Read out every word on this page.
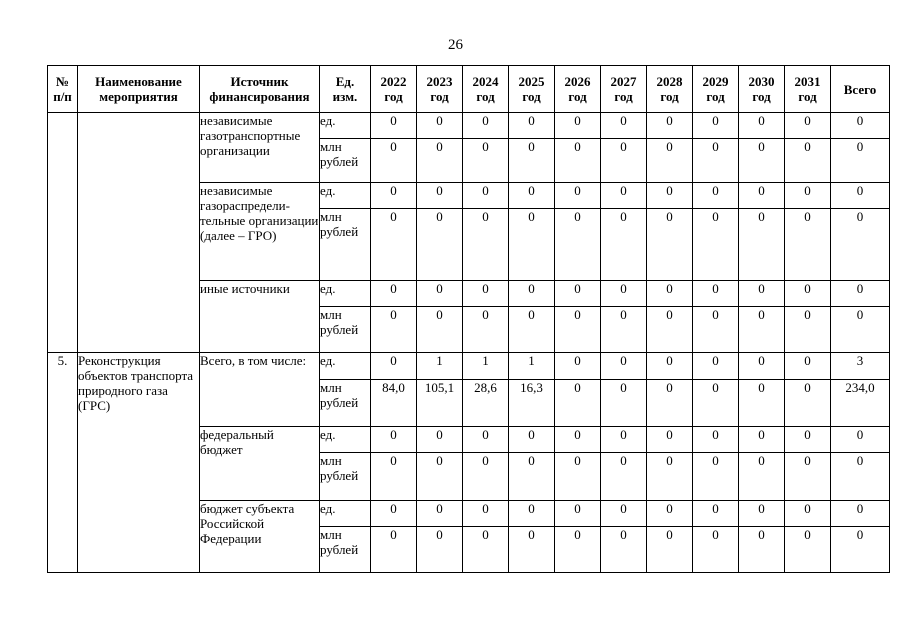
26
№ п/п	Наименование мероприятия	Источник финансирования	Ед. изм.	2022 год	2023 год	2024 год	2025 год	2026 год	2027 год	2028 год	2029 год	2030 год	2031 год	Всего
		независимые газотранспортные организации	ед.	0	0	0	0	0	0	0	0	0	0	0
			млн рублей	0	0	0	0	0	0	0	0	0	0	0
		независимые газораспредели-тельные организации (далее – ГРО)	ед.	0	0	0	0	0	0	0	0	0	0	0
			млн рублей	0	0	0	0	0	0	0	0	0	0	0
		иные источники	ед.	0	0	0	0	0	0	0	0	0	0	0
			млн рублей	0	0	0	0	0	0	0	0	0	0	0
5.	Реконструкция объектов транспорта природного газа (ГРС)	Всего, в том числе:	ед.	0	1	1	1	0	0	0	0	0	0	3
			млн рублей	84,0	105,1	28,6	16,3	0	0	0	0	0	0	234,0
		федеральный бюджет	ед.	0	0	0	0	0	0	0	0	0	0	0
			млн рублей	0	0	0	0	0	0	0	0	0	0	0
		бюджет субъекта Российской Федерации	ед.	0	0	0	0	0	0	0	0	0	0	0
			млн рублей	0	0	0	0	0	0	0	0	0	0	0
